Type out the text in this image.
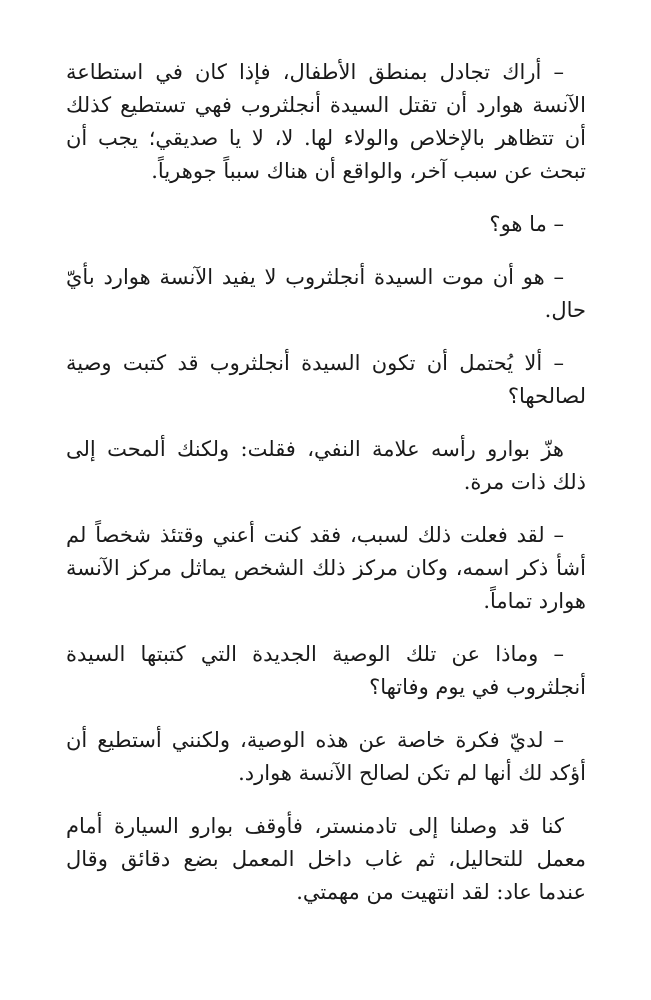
– أراك تجادل بمنطق الأطفال، فإذا كان في استطاعة الآنسة هوارد أن تقتل السيدة أنجلثروب فهي تستطيع كذلك أن تتظاهر بالإخلاص والولاء لها. لا، لا يا صديقي؛ يجب أن تبحث عن سبب آخر، والواقع أن هناك سبباً جوهرياً.

– ما هو؟

– هو أن موت السيدة أنجلثروب لا يفيد الآنسة هوارد بأيّ حال.

– ألا يُحتمل أن تكون السيدة أنجلثروب قد كتبت وصية لصالحها؟

هزّ بوارو رأسه علامة النفي، فقلت: ولكنك ألمحت إلى ذلك ذات مرة.

– لقد فعلت ذلك لسبب، فقد كنت أعني وقتئذ شخصاً لم أشأ ذكر اسمه، وكان مركز ذلك الشخص يماثل مركز الآنسة هوارد تماماً.

– وماذا عن تلك الوصية الجديدة التي كتبتها السيدة أنجلثروب في يوم وفاتها؟

– لديّ فكرة خاصة عن هذه الوصية، ولكنني أستطيع أن أؤكد لك أنها لم تكن لصالح الآنسة هوارد.

كنا قد وصلنا إلى تادمنستر، فأوقف بوارو السيارة أمام معمل للتحاليل، ثم غاب داخل المعمل بضع دقائق وقال عندما عاد: لقد انتهيت من مهمتي.
